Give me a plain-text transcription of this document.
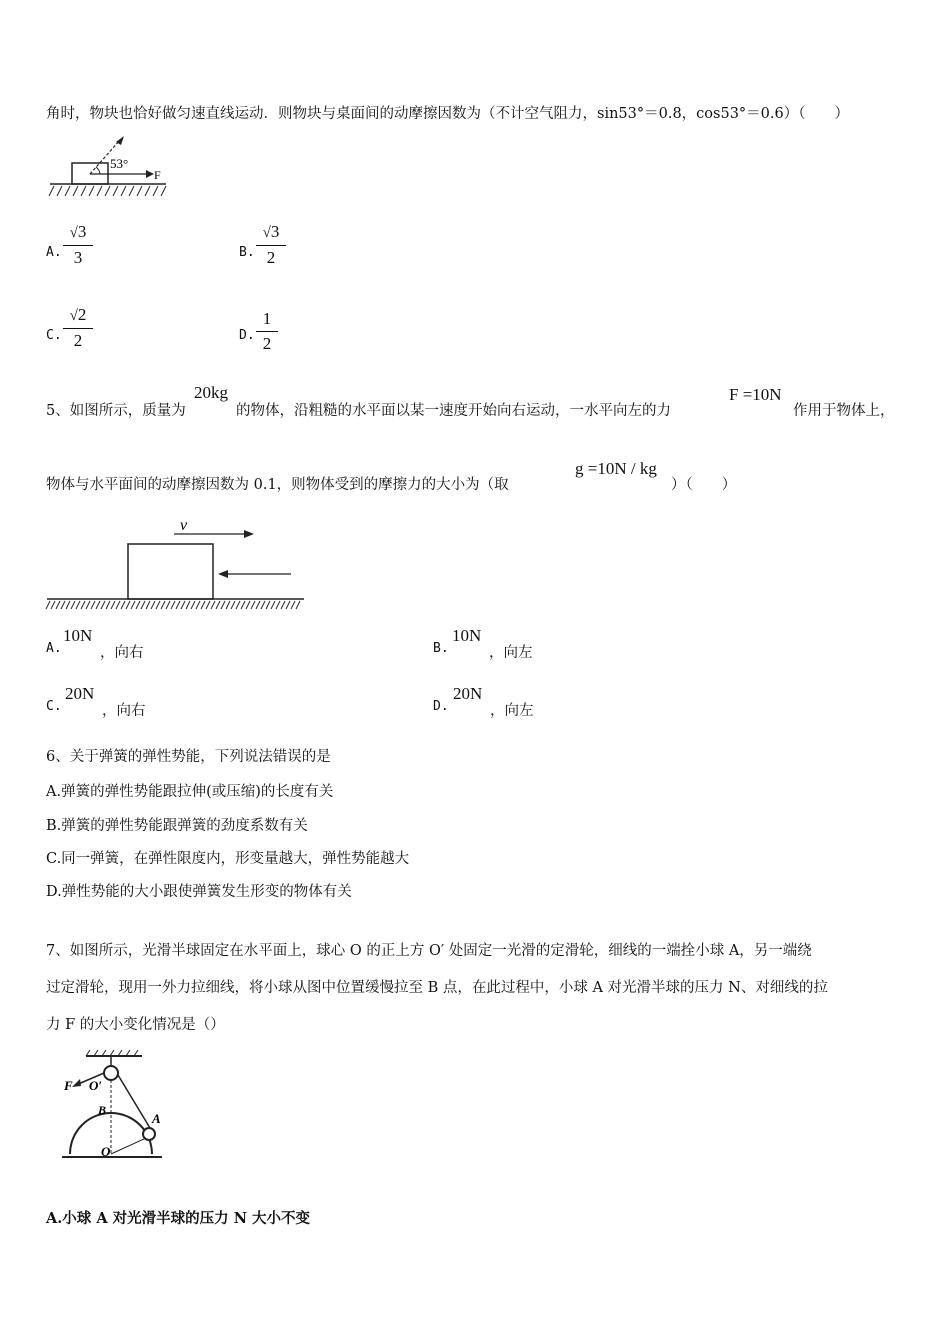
角时，物块也恰好做匀速直线运动．则物块与桌面间的动摩擦因数为（不计空气阻力，sin53°＝0.8，cos53°＝0.6）（　　）
53°
F
A.
√3
3	B.
√3
2
C.
√2
2	D.
1
2
5、如图所示，质量为
20kg
的物体，沿粗糙的水平面以某一速度开始向右运动，一水平向左的力
F =10N
作用于物体上，
物体与水平面间的动摩擦因数为 0.1，则物体受到的摩擦力的大小为（取
g =10N / kg
）（　　）
v
A.
10N
，向右	B.
10N
，向左
C.
20N
，向右	D.
20N
，向左
6、关于弹簧的弹性势能，下列说法错误的是
A.弹簧的弹性势能跟拉伸(或压缩)的长度有关
B.弹簧的弹性势能跟弹簧的劲度系数有关
C.同一弹簧，在弹性限度内，形变量越大，弹性势能越大
D.弹性势能的大小跟使弹簧发生形变的物体有关
7、如图所示，光滑半球固定在水平面上，球心 O 的正上方 O′ 处固定一光滑的定滑轮，细线的一端拴小球 A，另一端绕
过定滑轮，现用一外力拉细线，将小球从图中位置缓慢拉至 B 点，在此过程中，小球 A 对光滑半球的压力 N、对细线的拉
力 F 的大小变化情况是（）
F O′
B
A
O
A.小球 A 对光滑半球的压力 N 大小不变
